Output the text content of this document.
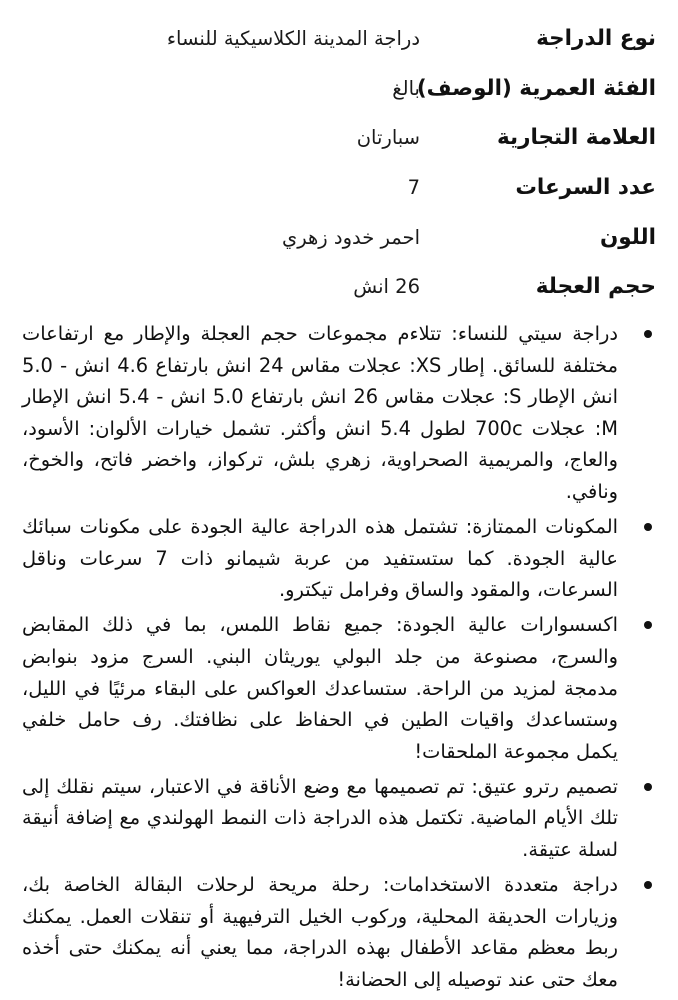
نوع الدراجة
دراجة المدينة الكلاسيكية للنساء
الفئة العمرية (الوصف)
بالغ
العلامة التجارية
سبارتان
عدد السرعات
7
اللون
احمر خدود زهري
حجم العجلة
26 انش
دراجة سيتي للنساء: تتلاءم مجموعات حجم العجلة والإطار مع ارتفاعات مختلفة للسائق. إطار XS: عجلات مقاس 24 انش بارتفاع 4.6 انش - 5.0 انش الإطار S: عجلات مقاس 26 انش بارتفاع 5.0 انش - 5.4 انش الإطار M: عجلات 700c لطول 5.4 انش وأكثر. تشمل خيارات الألوان: الأسود، والعاج، والمريمية الصحراوية، زهري بلش، تركواز، واخضر فاتح، والخوخ، ونافي.
المكونات الممتازة: تشتمل هذه الدراجة عالية الجودة على مكونات سبائك عالية الجودة. كما ستستفيد من عربة شيمانو ذات 7 سرعات وناقل السرعات، والمقود والساق وفرامل تيكترو.
اكسسوارات عالية الجودة: جميع نقاط اللمس، بما في ذلك المقابض والسرج، مصنوعة من جلد البولي يوريثان البني. السرج مزود بنوابض مدمجة لمزيد من الراحة. ستساعدك العواكس على البقاء مرئيًا في الليل، وستساعدك واقيات الطين في الحفاظ على نظافتك. رف حامل خلفي يكمل مجموعة الملحقات!
تصميم رترو عتيق: تم تصميمها مع وضع الأناقة في الاعتبار، سيتم نقلك إلى تلك الأيام الماضية. تكتمل هذه الدراجة ذات النمط الهولندي مع إضافة أنيقة لسلة عتيقة.
دراجة متعددة الاستخدامات: رحلة مريحة لرحلات البقالة الخاصة بك، وزيارات الحديقة المحلية، وركوب الخيل الترفيهية أو تنقلات العمل. يمكنك ربط معظم مقاعد الأطفال بهذه الدراجة، مما يعني أنه يمكنك حتى أخذه معك حتى عند توصيله إلى الحضانة!
